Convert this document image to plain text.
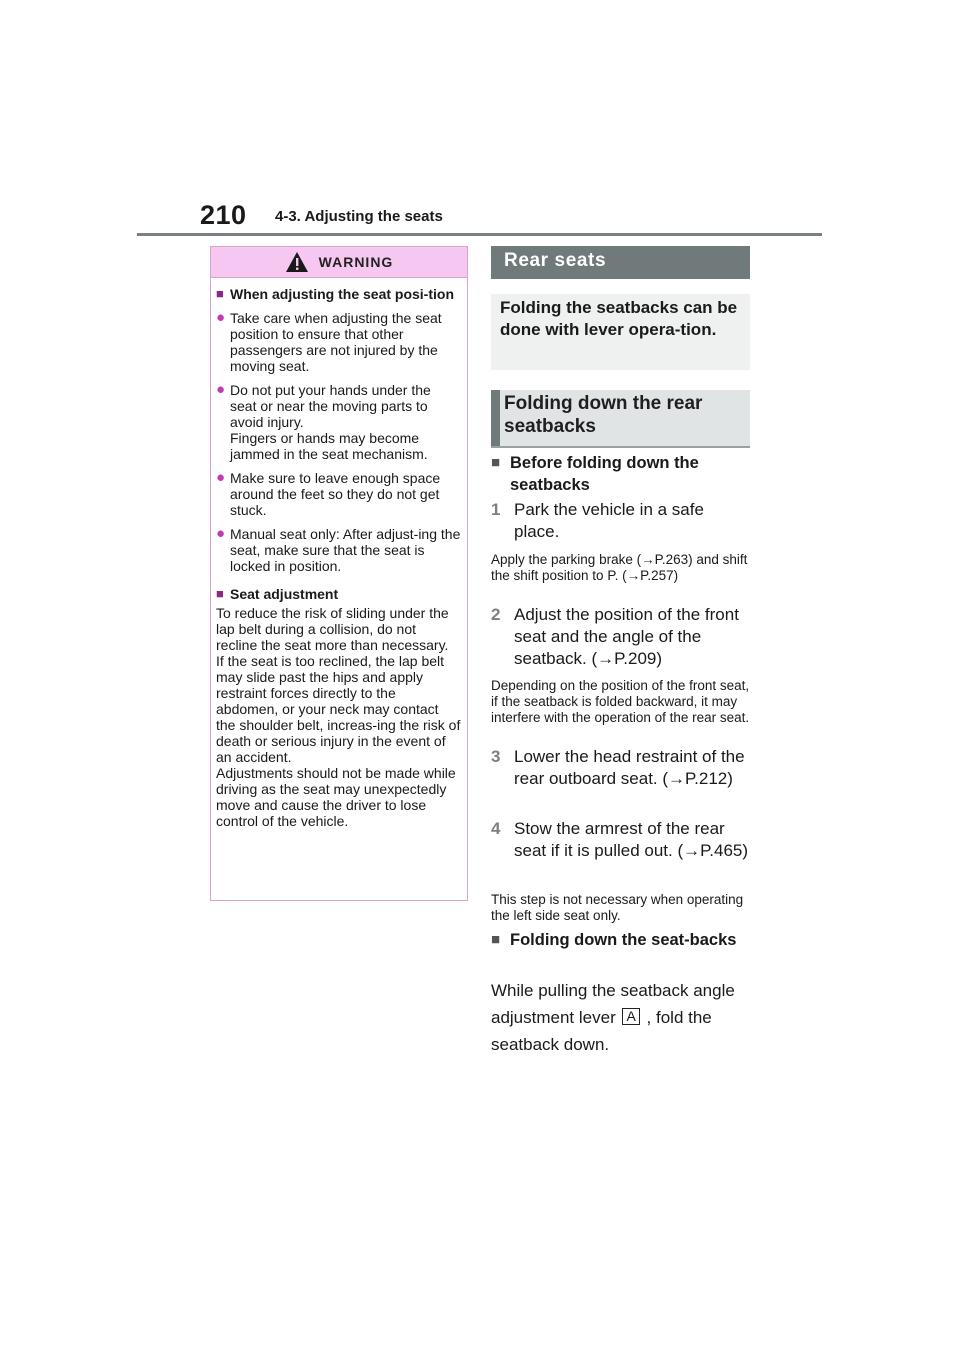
210 4-3. Adjusting the seats
WARNING
■ When adjusting the seat posi-tion
● Take care when adjusting the seat position to ensure that other passengers are not injured by the moving seat.
● Do not put your hands under the seat or near the moving parts to avoid injury.
Fingers or hands may become jammed in the seat mechanism.
● Make sure to leave enough space around the feet so they do not get stuck.
● Manual seat only: After adjust-ing the seat, make sure that the seat is locked in position.
■ Seat adjustment
To reduce the risk of sliding under the lap belt during a collision, do not recline the seat more than necessary.
If the seat is too reclined, the lap belt may slide past the hips and apply restraint forces directly to the abdomen, or your neck may contact the shoulder belt, increas-ing the risk of death or serious injury in the event of an accident.
Adjustments should not be made while driving as the seat may unexpectedly move and cause the driver to lose control of the vehicle.
Rear seats
Folding the seatbacks can be done with lever opera-tion.
Folding down the rear seatbacks
■ Before folding down the seatbacks
1 Park the vehicle in a safe place.
Apply the parking brake (→P.263) and shift the shift position to P. (→P.257)
2 Adjust the position of the front seat and the angle of the seatback. (→P.209)
Depending on the position of the front seat, if the seatback is folded backward, it may interfere with the operation of the rear seat.
3 Lower the head restraint of the rear outboard seat. (→P.212)
4 Stow the armrest of the rear seat if it is pulled out. (→P.465)
This step is not necessary when operating the left side seat only.
■ Folding down the seat-backs
While pulling the seatback angle adjustment lever A , fold the seatback down.
